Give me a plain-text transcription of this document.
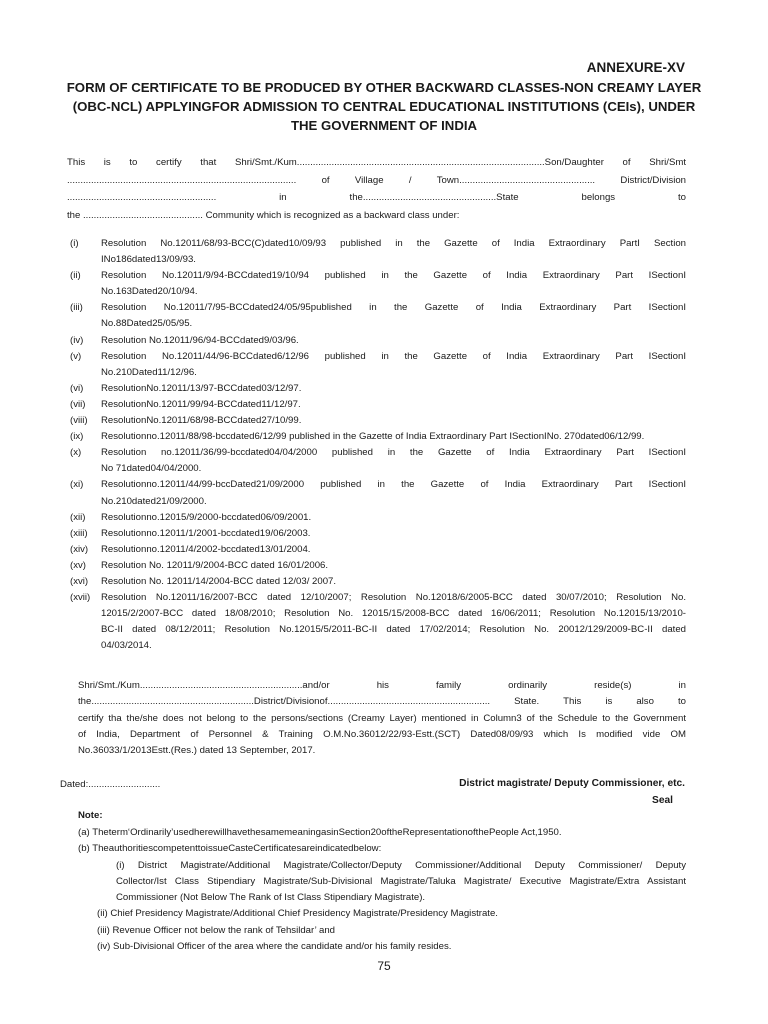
ANNEXURE-XV
FORM OF CERTIFICATE TO BE PRODUCED BY OTHER BACKWARD CLASSES-NON CREAMY LAYER
(OBC-NCL) APPLYINGFOR ADMISSION TO CENTRAL EDUCATIONAL INSTITUTIONS (CEIs), UNDER
THE GOVERNMENT OF INDIA
This is to certify that Shri/Smt./Kum.............................................................................................Son/Daughter of Shri/Smt
...................................................................................... of Village / Town................................................... District/Division
........................................................ in the..................................................State belongs to
the ............................................. Community which is recognized as a backward class under:
(i)	Resolution No.12011/68/93-BCC(C)dated10/09/93 published in the Gazette of India Extraordinary PartI Section
INo186dated13/09/93.
(ii)	Resolution No.12011/9/94-BCCdated19/10/94 published in the Gazette of India Extraordinary Part ISectionI
No.163Dated20/10/94.
(iii)	Resolution No.12011/7/95-BCCdated24/05/95published in the Gazette of India Extraordinary Part ISectionI
No.88Dated25/05/95.
(iv)	Resolution No.12011/96/94-BCCdated9/03/96.
(v)	Resolution No.12011/44/96-BCCdated6/12/96 published in the Gazette of India Extraordinary Part ISectionI
No.210Dated11/12/96.
(vi)	ResolutionNo.12011/13/97-BCCdated03/12/97.
(vii)	ResolutionNo.12011/99/94-BCCdated11/12/97.
(viii)	ResolutionNo.12011/68/98-BCCdated27/10/99.
(ix)	Resolutionno.12011/88/98-bccdated6/12/99 published in the Gazette of India Extraordinary Part ISectionINo. 270dated06/12/99.
(x)	Resolution no.12011/36/99-bccdated04/04/2000 published in the Gazette of India Extraordinary Part ISectionI
No 71dated04/04/2000.
(xi)	Resolutionno.12011/44/99-bccDated21/09/2000 published in the Gazette of India Extraordinary Part ISectionI
No.210dated21/09/2000.
(xii)	Resolutionno.12015/9/2000-bccdated06/09/2001.
(xiii)	Resolutionno.12011/1/2001-bccdated19/06/2003.
(xiv)	Resolutionno.12011/4/2002-bccdated13/01/2004.
(xv)	Resolution No. 12011/9/2004-BCC dated 16/01/2006.
(xvi)	Resolution No. 12011/14/2004-BCC dated 12/03/ 2007.
(xvii)	Resolution No.12011/16/2007-BCC dated 12/10/2007; Resolution No.12018/6/2005-BCC dated 30/07/2010; Resolution No.
12015/2/2007-BCC dated 18/08/2010; Resolution No. 12015/15/2008-BCC dated 16/06/2011; Resolution No.12015/13/2010-
BC-II dated 08/12/2011; Resolution No.12015/5/2011-BC-II dated 17/02/2014; Resolution No. 20012/129/2009-BC-II dated
04/03/2014.
Shri/Smt./Kum.............................................................and/or his family ordinarily reside(s) in
the.............................................................District/Divisionof............................................................. State. This is also to
certify tha the/she does not belong to the persons/sections (Creamy Layer) mentioned in Column3 of the Schedule to the Government
of India, Department of Personnel & Training O.M.No.36012/22/93-Estt.(SCT) Dated08/09/93 which Is modified vide OM
No.36033/1/2013Estt.(Res.) dated 13 September, 2017.
Dated:...........................	District magistrate/ Deputy Commissioner, etc.
Seal
Note:
(a) Theterm‘Ordinarily’usedherewillhavethesamemeaningasinSection20oftheRepresentationofthePeople Act,1950.
(b) TheauthoritiescompetenttoissueCasteCertificatesareindicatedbelow:
(i) District Magistrate/Additional Magistrate/Collector/Deputy Commissioner/Additional Deputy Commissioner/ Deputy
Collector/Ist Class Stipendiary Magistrate/Sub-Divisional Magistrate/Taluka Magistrate/ Executive Magistrate/Extra Assistant
Commissioner (Not Below The Rank of Ist Class Stipendiary Magistrate).
(ii) Chief Presidency Magistrate/Additional Chief Presidency Magistrate/Presidency Magistrate.
(iii) Revenue Officer not below the rank of Tehsildar’ and
(iv) Sub-Divisional Officer of the area where the candidate and/or his family resides.
75
